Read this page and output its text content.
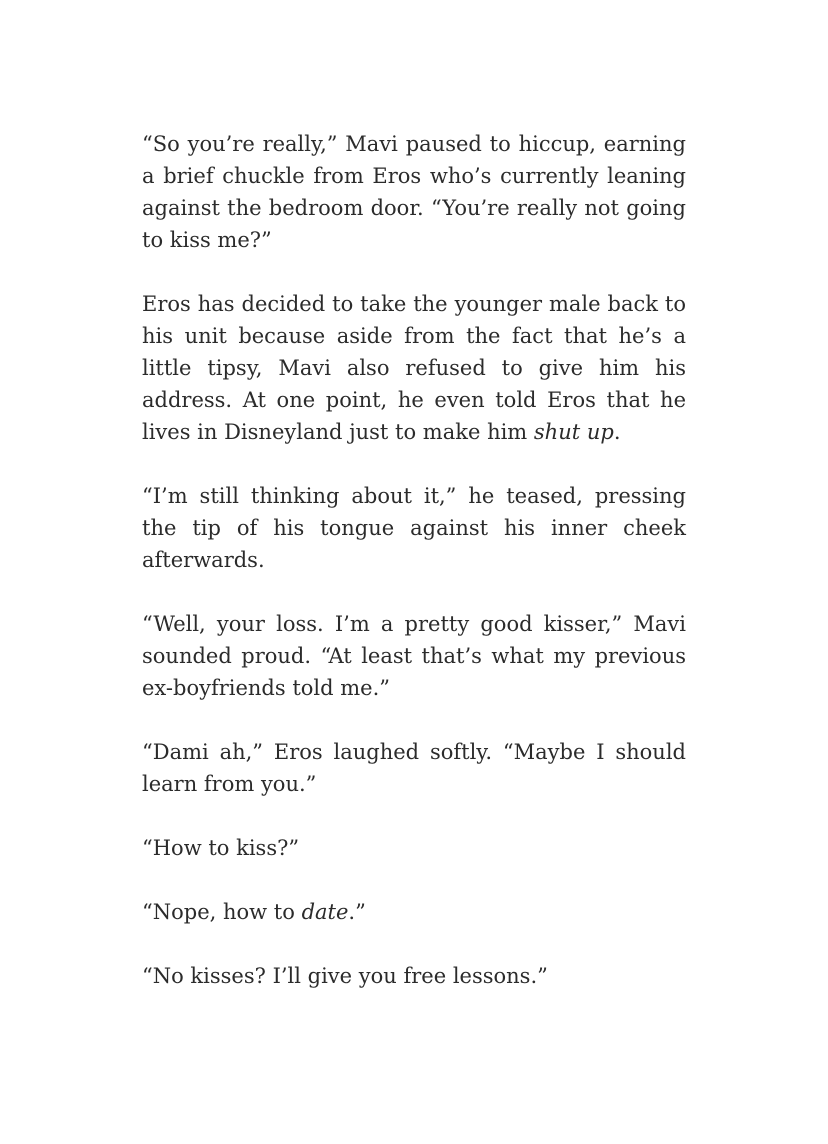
“So you’re really,” Mavi paused to hiccup, earning a brief chuckle from Eros who’s currently leaning against the bedroom door. “You’re really not going to kiss me?”

Eros has decided to take the younger male back to his unit because aside from the fact that he’s a little tipsy, Mavi also refused to give him his address. At one point, he even told Eros that he lives in Disneyland just to make him shut up.

“I’m still thinking about it,” he teased, pressing the tip of his tongue against his inner cheek afterwards.

“Well, your loss. I’m a pretty good kisser,” Mavi sounded proud. “At least that’s what my previous ex-boyfriends told me.”

“Dami ah,” Eros laughed softly. “Maybe I should learn from you.”

“How to kiss?”

“Nope, how to date.”

“No kisses? I’ll give you free lessons.”
